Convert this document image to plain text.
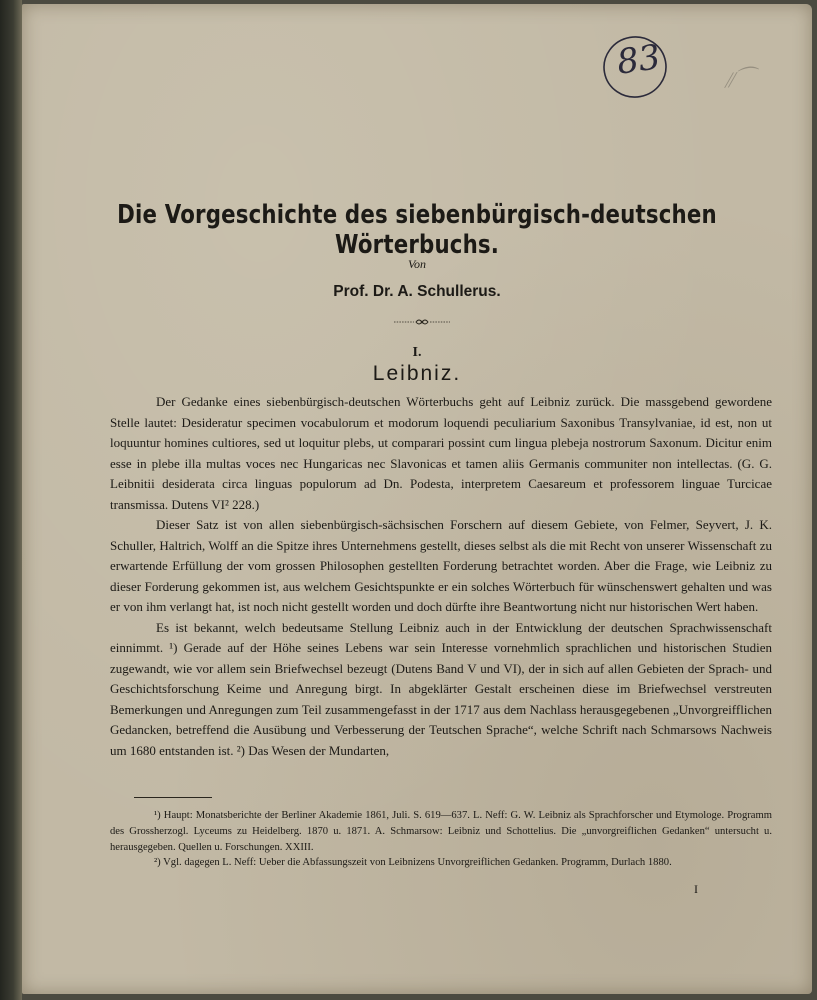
83	∕∕⌒
Die Vorgeschichte des siebenbürgisch-deutschen Wörterbuchs.
Von
Prof. Dr. A. Schullerus.
I.
Leibniz.

Der Gedanke eines siebenbürgisch-deutschen Wörterbuchs geht auf Leibniz zurück. Die massgebend gewordene Stelle lautet: Desideratur specimen vocabulorum et modorum loquendi peculiarium Saxonibus Transylvaniae, id est, non ut loquuntur homines cultiores, sed ut loquitur plebs, ut comparari possint cum lingua plebeja nostrorum Saxonum. Dicitur enim esse in plebe illa multas voces nec Hungaricas nec Slavonicas et tamen aliis Germanis communiter non intellectas. (G. G. Leibnitii desiderata circa linguas populorum ad Dn. Podesta, interpretem Caesareum et professorem linguae Turcicae transmissa. Dutens VI² 228.)

Dieser Satz ist von allen siebenbürgisch-sächsischen Forschern auf diesem Gebiete, von Felmer, Seyvert, J. K. Schuller, Haltrich, Wolff an die Spitze ihres Unternehmens gestellt, dieses selbst als die mit Recht von unserer Wissenschaft zu erwartende Erfüllung der vom grossen Philosophen gestellten Forderung betrachtet worden. Aber die Frage, wie Leibniz zu dieser Forderung gekommen ist, aus welchem Gesichtspunkte er ein solches Wörterbuch für wünschenswert gehalten und was er von ihm verlangt hat, ist noch nicht gestellt worden und doch dürfte ihre Beantwortung nicht nur historischen Wert haben.

Es ist bekannt, welch bedeutsame Stellung Leibniz auch in der Entwicklung der deutschen Sprachwissenschaft einnimmt. ¹) Gerade auf der Höhe seines Lebens war sein Interesse vornehmlich sprachlichen und historischen Studien zugewandt, wie vor allem sein Briefwechsel bezeugt (Dutens Band V und VI), der in sich auf allen Gebieten der Sprach- und Geschichtsforschung Keime und Anregung birgt. In abgeklärter Gestalt erscheinen diese im Briefwechsel verstreuten Bemerkungen und Anregungen zum Teil zusammengefasst in der 1717 aus dem Nachlass herausgegebenen „Unvorgreifflichen Gedancken, betreffend die Ausübung und Verbesserung der Teutschen Sprache“, welche Schrift nach Schmarsows Nachweis um 1680 entstanden ist. ²) Das Wesen der Mundarten,

¹) Haupt: Monatsberichte der Berliner Akademie 1861, Juli. S. 619—637. L. Neff: G. W. Leibniz als Sprachforscher und Etymologe. Programm des Grossherzogl. Lyceums zu Heidelberg. 1870 u. 1871. A. Schmarsow: Leibniz und Schottelius. Die „unvorgreiflichen Gedanken“ untersucht u. herausgegeben. Quellen u. Forschungen. XXIII.

²) Vgl. dagegen L. Neff: Ueber die Abfassungszeit von Leibnizens Unvorgreiflichen Gedanken. Programm, Durlach 1880.

I
